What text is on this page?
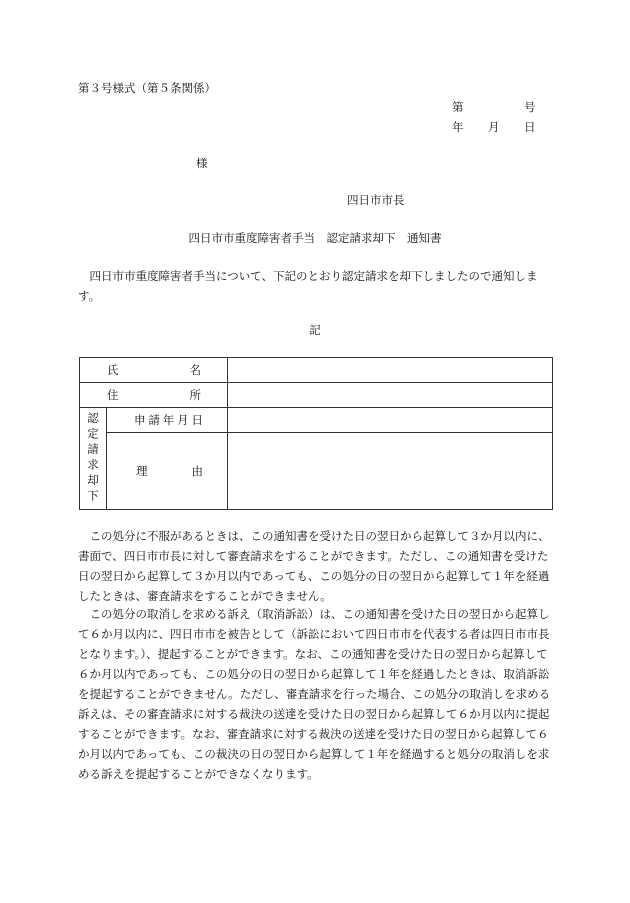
第３号様式（第５条関係）
第	号
年 月 日
様
四日市市長
四日市市重度障害者手当　認定請求却下　通知書
四日市市重度障害者手当について、下記のとおり認定請求を却下しましたので通知します。
記
氏 名		

住 所		

認定請求却下	申 請 年 月 日	

	理 由	

この処分に不服があるときは、この通知書を受けた日の翌日から起算して３か月以内に、書面で、四日市市長に対して審査請求をすることができます。ただし、この通知書を受けた日の翌日から起算して３か月以内であっても、この処分の日の翌日から起算して１年を経過したときは、審査請求をすることができません。

この処分の取消しを求める訴え（取消訴訟）は、この通知書を受けた日の翌日から起算して６か月以内に、四日市市を被告として（訴訟において四日市市を代表する者は四日市市長となります。）、提起することができます。なお、この通知書を受けた日の翌日から起算して６か月以内であっても、この処分の日の翌日から起算して１年を経過したときは、取消訴訟を提起することができません。ただし、審査請求を行った場合、この処分の取消しを求める訴えは、その審査請求に対する裁決の送達を受けた日の翌日から起算して６か月以内に提起することができます。なお、審査請求に対する裁決の送達を受けた日の翌日から起算して６か月以内であっても、この裁決の日の翌日から起算して１年を経過すると処分の取消しを求める訴えを提起することができなくなります。
